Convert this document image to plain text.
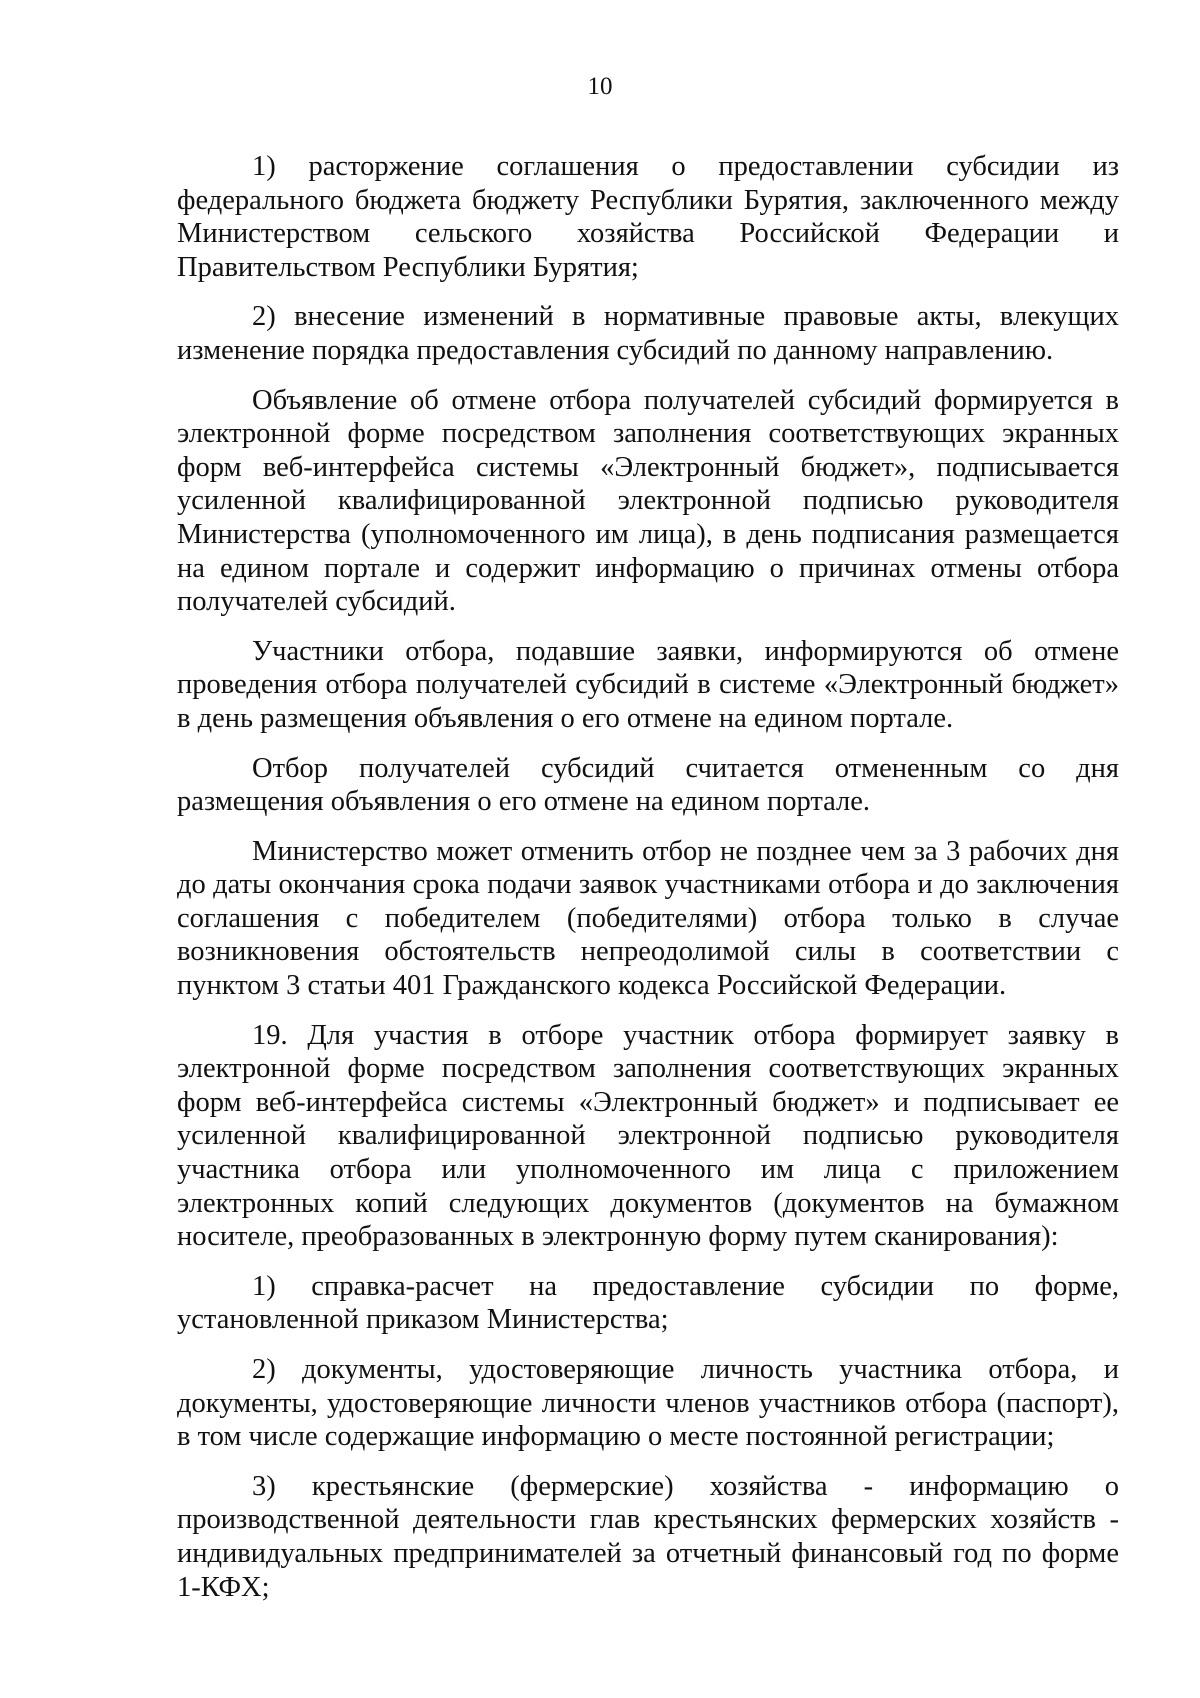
10

1) расторжение соглашения о предоставлении субсидии из федерального бюджета бюджету Республики Бурятия, заключенного между Министерством сельского хозяйства Российской Федерации и Правительством Республики Бурятия;

2) внесение изменений в нормативные правовые акты, влекущих изменение порядка предоставления субсидий по данному направлению.

Объявление об отмене отбора получателей субсидий формируется в электронной форме посредством заполнения соответствующих экранных форм веб-интерфейса системы «Электронный бюджет», подписывается усиленной квалифицированной электронной подписью руководителя Министерства (уполномоченного им лица), в день подписания размещается на едином портале и содержит информацию о причинах отмены отбора получателей субсидий.

Участники отбора, подавшие заявки, информируются об отмене проведения отбора получателей субсидий в системе «Электронный бюджет» в день размещения объявления о его отмене на едином портале.

Отбор получателей субсидий считается отмененным со дня размещения объявления о его отмене на едином портале.

Министерство может отменить отбор не позднее чем за 3 рабочих дня до даты окончания срока подачи заявок участниками отбора и до заключения соглашения с победителем (победителями) отбора только в случае возникновения обстоятельств непреодолимой силы в соответствии с пунктом 3 статьи 401 Гражданского кодекса Российской Федерации.

19. Для участия в отборе участник отбора формирует заявку в электронной форме посредством заполнения соответствующих экранных форм веб-интерфейса системы «Электронный бюджет» и подписывает ее усиленной квалифицированной электронной подписью руководителя участника отбора или уполномоченного им лица с приложением электронных копий следующих документов (документов на бумажном носителе, преобразованных в электронную форму путем сканирования):

1) справка-расчет на предоставление субсидии по форме, установленной приказом Министерства;

2) документы, удостоверяющие личность участника отбора, и документы, удостоверяющие личности членов участников отбора (паспорт), в том числе содержащие информацию о месте постоянной регистрации;

3) крестьянские (фермерские) хозяйства - информацию о производственной деятельности глав крестьянских фермерских хозяйств - индивидуальных предпринимателей за отчетный финансовый год по форме 1-КФХ;
